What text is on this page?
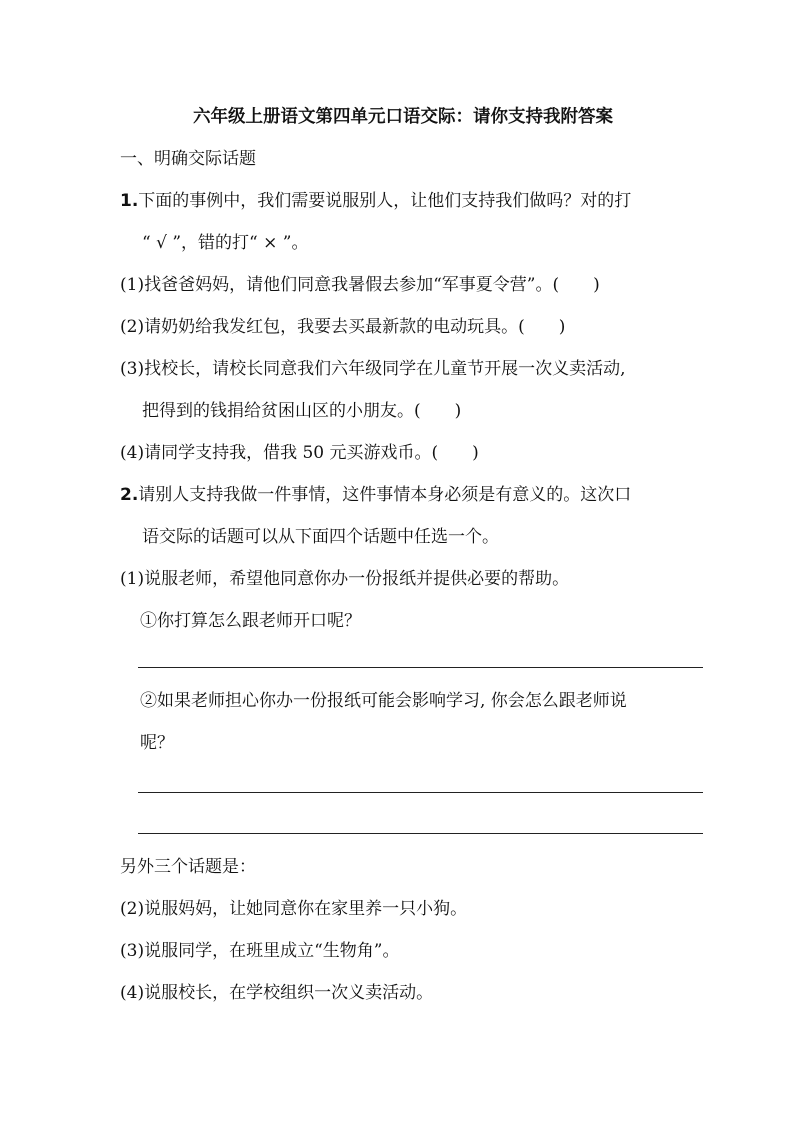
六年级上册语文第四单元口语交际：请你支持我附答案
一、明确交际话题
1.下面的事例中，我们需要说服别人，让他们支持我们做吗？对的打
“ √ ”，错的打“ × ”。
(1)找爸爸妈妈，请他们同意我暑假去参加“军事夏令营”。(　　)
(2)请奶奶给我发红包，我要去买最新款的电动玩具。(　　)
(3)找校长，请校长同意我们六年级同学在儿童节开展一次义卖活动,
把得到的钱捐给贫困山区的小朋友。(　　)
(4)请同学支持我，借我 50 元买游戏币。(　　)
2.请别人支持我做一件事情，这件事情本身必须是有意义的。这次口
语交际的话题可以从下面四个话题中任选一个。
(1)说服老师，希望他同意你办一份报纸并提供必要的帮助。
①你打算怎么跟老师开口呢？
②如果老师担心你办一份报纸可能会影响学习, 你会怎么跟老师说
呢？
另外三个话题是：
(2)说服妈妈，让她同意你在家里养一只小狗。
(3)说服同学，在班里成立“生物角”。
(4)说服校长，在学校组织一次义卖活动。
